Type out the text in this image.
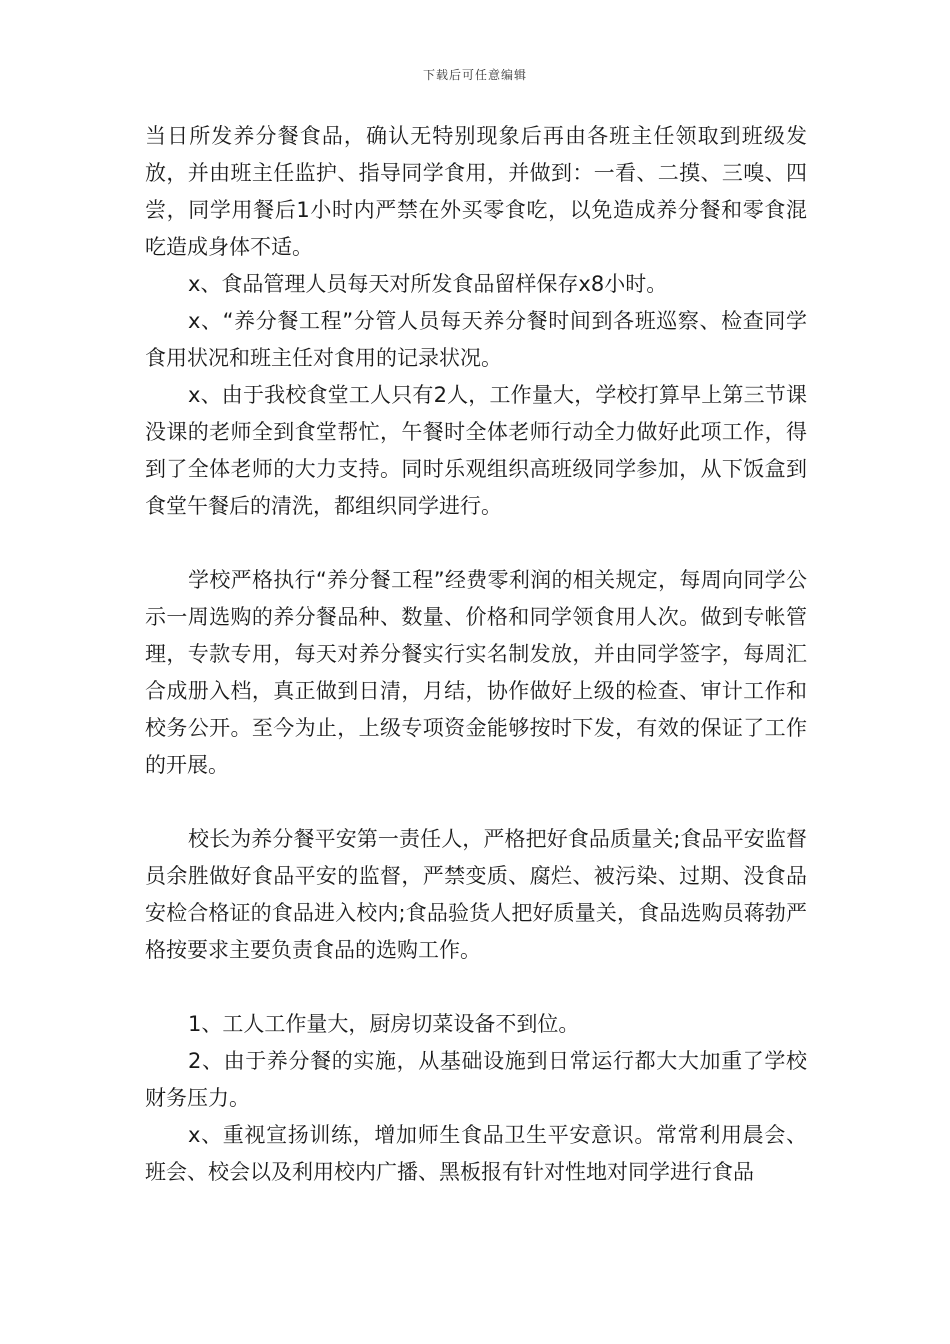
下载后可任意编辑

当日所发养分餐食品，确认无特别现象后再由各班主任领取到班级发放，并由班主任监护、指导同学食用，并做到：一看、二摸、三嗅、四尝，同学用餐后1小时内严禁在外买零食吃，以免造成养分餐和零食混吃造成身体不适。

x、食品管理人员每天对所发食品留样保存x8小时。

x、“养分餐工程”分管人员每天养分餐时间到各班巡察、检查同学食用状况和班主任对食用的记录状况。

x、由于我校食堂工人只有2人，工作量大，学校打算早上第三节课没课的老师全到食堂帮忙，午餐时全体老师行动全力做好此项工作，得到了全体老师的大力支持。同时乐观组织高班级同学参加，从下饭盒到食堂午餐后的清洗，都组织同学进行。

学校严格执行“养分餐工程”经费零利润的相关规定，每周向同学公示一周选购的养分餐品种、数量、价格和同学领食用人次。做到专帐管理，专款专用，每天对养分餐实行实名制发放，并由同学签字，每周汇合成册入档，真正做到日清，月结，协作做好上级的检查、审计工作和校务公开。至今为止，上级专项资金能够按时下发，有效的保证了工作的开展。

校长为养分餐平安第一责任人，严格把好食品质量关;食品平安监督员余胜做好食品平安的监督，严禁变质、腐烂、被污染、过期、没食品安检合格证的食品进入校内;食品验货人把好质量关，食品选购员蒋勃严格按要求主要负责食品的选购工作。

1、工人工作量大，厨房切菜设备不到位。

2、由于养分餐的实施，从基础设施到日常运行都大大加重了学校财务压力。

x、重视宣扬训练，增加师生食品卫生平安意识。常常利用晨会、班会、校会以及利用校内广播、黑板报有针对性地对同学进行食品
